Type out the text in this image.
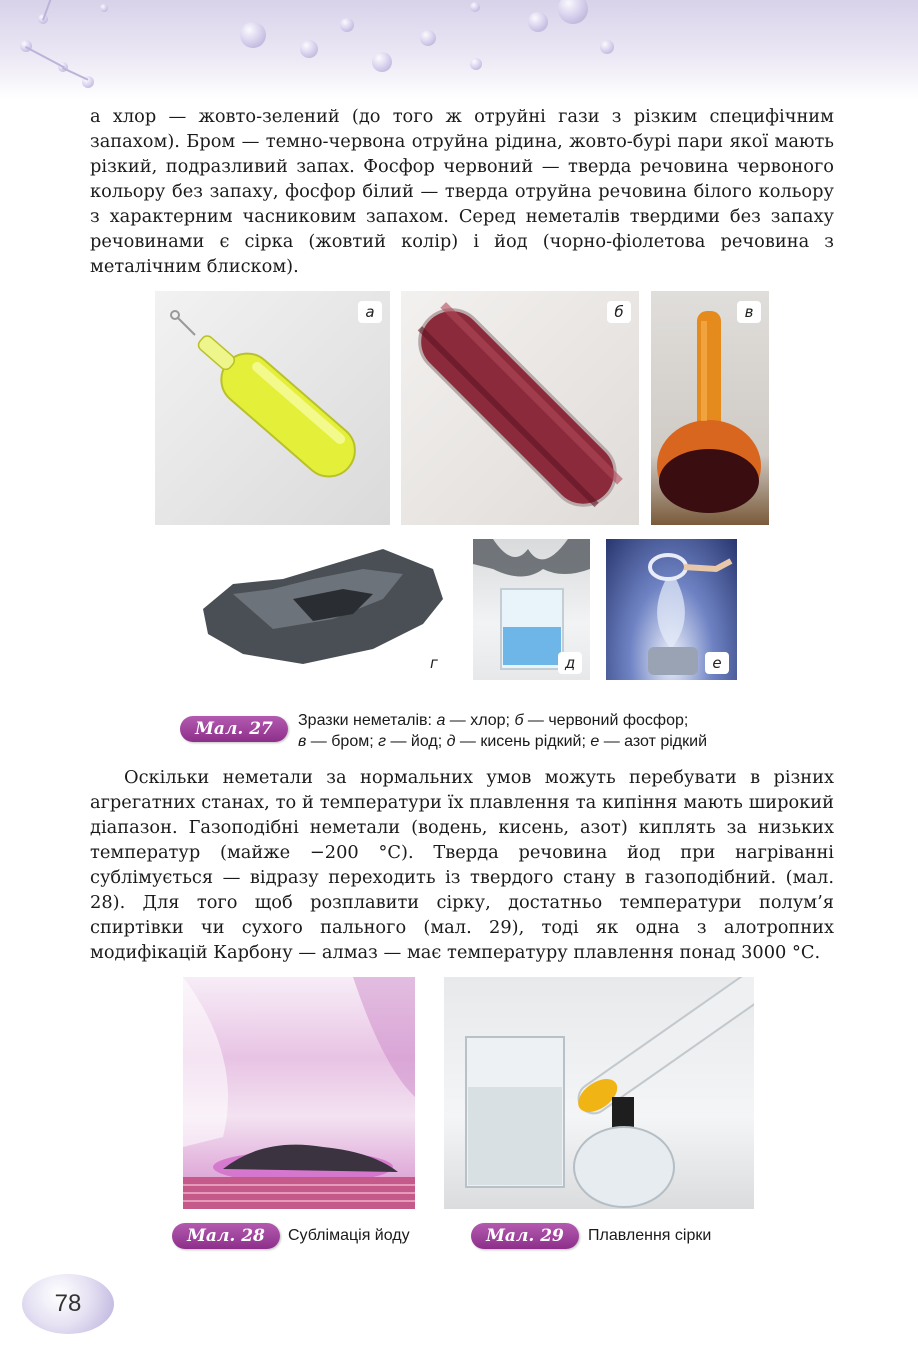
а хлор — жовто-зелений (до того ж отруйні гази з різким специфічним запахом). Бром — темно-червона отруйна рідина, жовто-бурі пари якої мають різкий, подразливий запах. Фосфор червоний — тверда речовина червоного кольору без запаху, фосфор білий — тверда отруйна речовина білого кольору з характерним часниковим запахом. Серед неметалів твердими без запаху речовинами є сірка (жовтий колір) і йод (чорно-фіолетова речовина з металічним блиском).

а	б	в
г	д	е
Мал. 27	Зразки неметалів: а — хлор; б — червоний фосфор;
в — бром; г — йод; д — кисень рідкий; е — азот рідкий

Оскільки неметали за нормальних умов можуть перебувати в різних агрегатних станах, то й температури їх плавлення та кипіння мають широкий діапазон. Газоподібні неметали (водень, кисень, азот) киплять за низьких температур (майже −200 °С). Тверда речовина йод при нагріванні сублімується — відразу переходить із твердого стану в газоподібний. (мал. 28). Для того щоб розплавити сірку, достатньо температури полум’я спиртівки чи сухого пального (мал. 29), тоді як одна з алотропних модифікацій Карбону — алмаз — має температуру плавлення понад 3000 °С.

Мал. 28	Сублімація йоду	Мал. 29	Плавлення сірки
78
